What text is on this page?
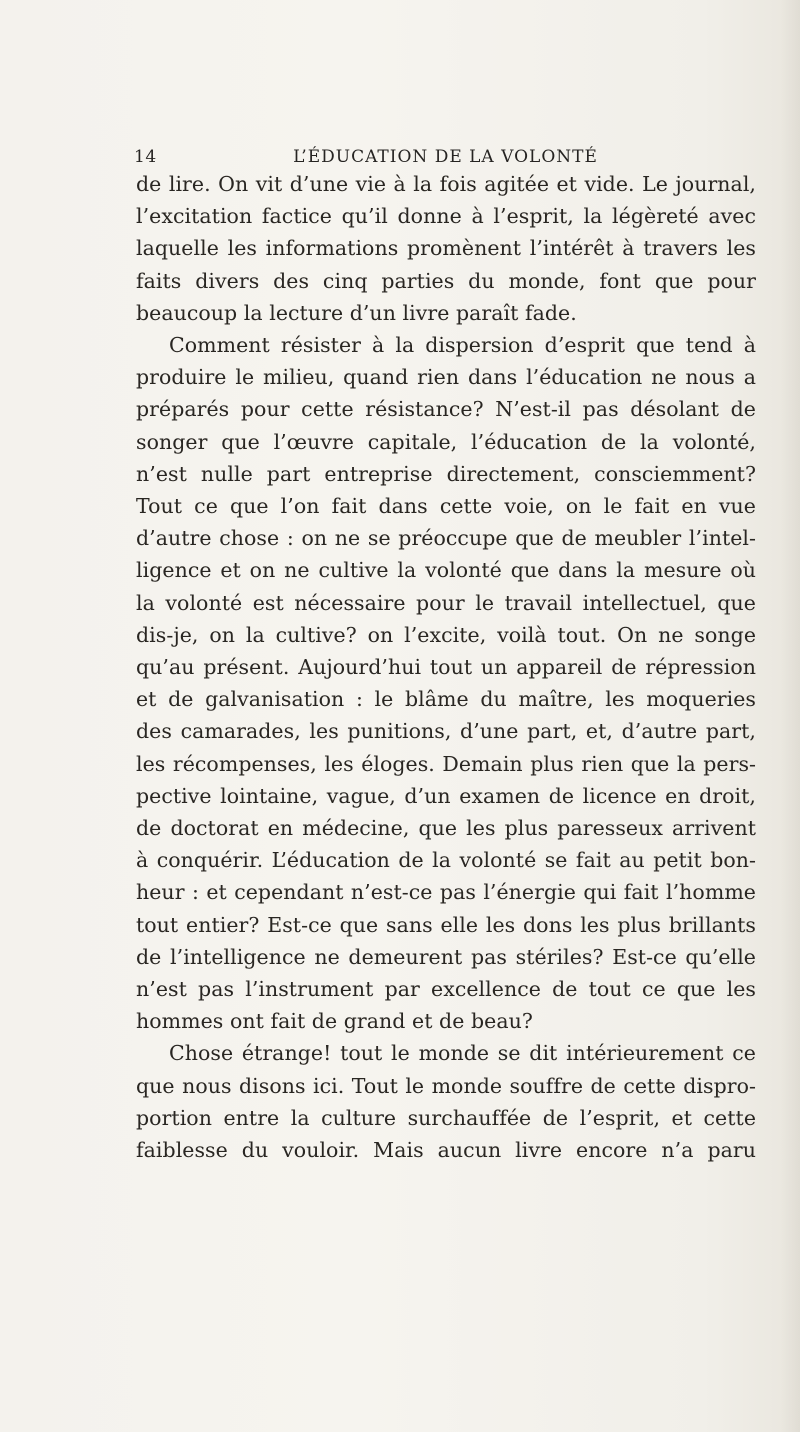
14	L’ÉDUCATION DE LA VOLONTÉ
de lire. On vit d’une vie à la fois agitée et vide. Le journal,
l’excitation factice qu’il donne à l’esprit, la légèreté avec
laquelle les informations promènent l’intérêt à travers les
faits divers des cinq parties du monde, font que pour
beaucoup la lecture d’un livre paraît fade.
Comment résister à la dispersion d’esprit que tend à
produire le milieu, quand rien dans l’éducation ne nous a
préparés pour cette résistance? N’est-il pas désolant de
songer que l’œuvre capitale, l’éducation de la volonté,
n’est nulle part entreprise directement, consciemment?
Tout ce que l’on fait dans cette voie, on le fait en vue
d’autre chose : on ne se préoccupe que de meubler l’intel-
ligence et on ne cultive la volonté que dans la mesure où
la volonté est nécessaire pour le travail intellectuel, que
dis-je, on la cultive? on l’excite, voilà tout. On ne songe
qu’au présent. Aujourd’hui tout un appareil de répression
et de galvanisation : le blâme du maître, les moqueries
des camarades, les punitions, d’une part, et, d’autre part,
les récompenses, les éloges. Demain plus rien que la pers-
pective lointaine, vague, d’un examen de licence en droit,
de doctorat en médecine, que les plus paresseux arrivent
à conquérir. L’éducation de la volonté se fait au petit bon-
heur : et cependant n’est-ce pas l’énergie qui fait l’homme
tout entier? Est-ce que sans elle les dons les plus brillants
de l’intelligence ne demeurent pas stériles? Est-ce qu’elle
n’est pas l’instrument par excellence de tout ce que les
hommes ont fait de grand et de beau?
Chose étrange! tout le monde se dit intérieurement ce
que nous disons ici. Tout le monde souffre de cette dispro-
portion entre la culture surchauffée de l’esprit, et cette
faiblesse du vouloir. Mais aucun livre encore n’a paru
